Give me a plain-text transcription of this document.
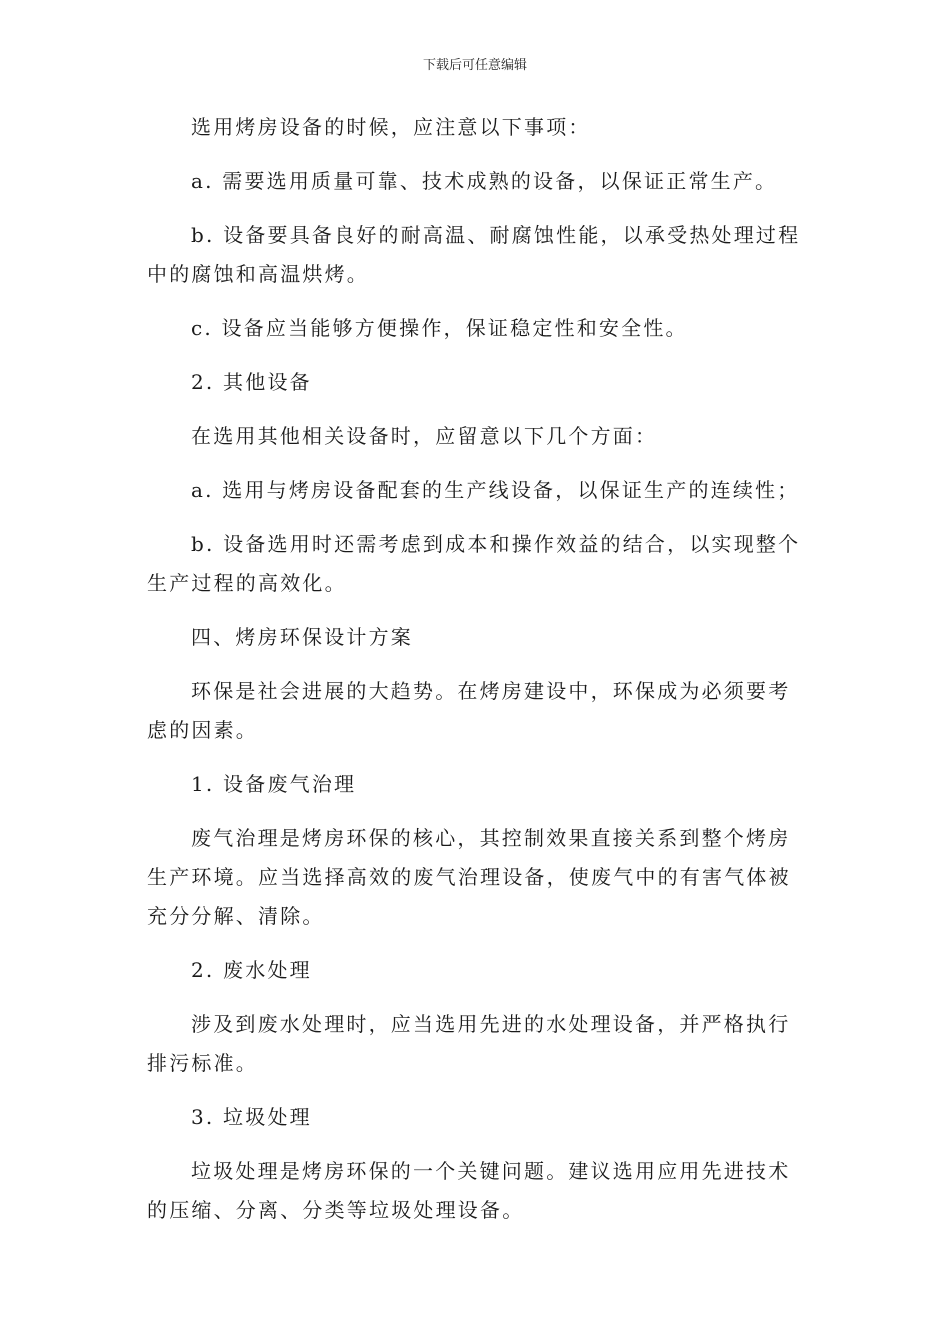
下载后可任意编辑

选用烤房设备的时候，应注意以下事项：

a. 需要选用质量可靠、技术成熟的设备，以保证正常生产。

b. 设备要具备良好的耐高温、耐腐蚀性能，以承受热处理过程中的腐蚀和高温烘烤。

c. 设备应当能够方便操作，保证稳定性和安全性。

2. 其他设备

在选用其他相关设备时，应留意以下几个方面：

a. 选用与烤房设备配套的生产线设备，以保证生产的连续性；

b. 设备选用时还需考虑到成本和操作效益的结合，以实现整个生产过程的高效化。

四、烤房环保设计方案

环保是社会进展的大趋势。在烤房建设中，环保成为必须要考虑的因素。

1. 设备废气治理

废气治理是烤房环保的核心，其控制效果直接关系到整个烤房生产环境。应当选择高效的废气治理设备，使废气中的有害气体被充分分解、清除。

2. 废水处理

涉及到废水处理时，应当选用先进的水处理设备，并严格执行排污标准。

3. 垃圾处理

垃圾处理是烤房环保的一个关键问题。建议选用应用先进技术的压缩、分离、分类等垃圾处理设备。
